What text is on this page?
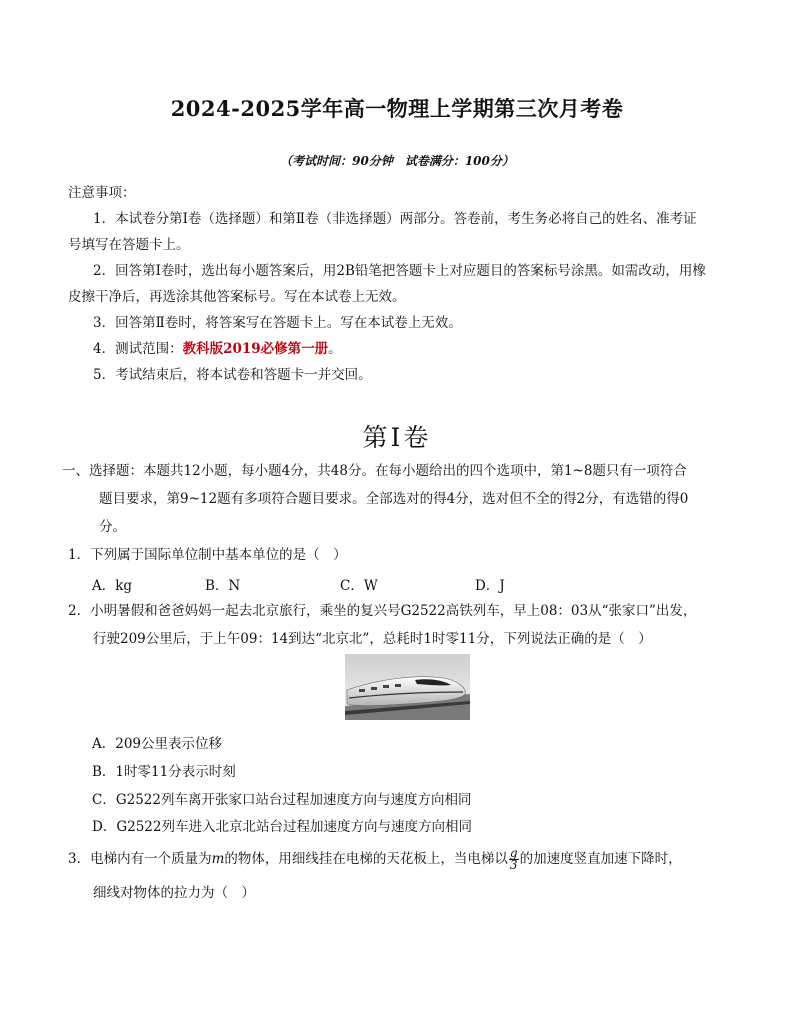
2024-2025学年高一物理上学期第三次月考卷
（考试时间：90分钟　试卷满分：100分）
注意事项：
1．本试卷分第Ⅰ卷（选择题）和第Ⅱ卷（非选择题）两部分。答卷前，考生务必将自己的姓名、准考证
号填写在答题卡上。
2．回答第Ⅰ卷时，选出每小题答案后，用2B铅笔把答题卡上对应题目的答案标号涂黑。如需改动，用橡
皮擦干净后，再选涂其他答案标号。写在本试卷上无效。
3．回答第Ⅱ卷时，将答案写在答题卡上。写在本试卷上无效。
4．测试范围：教科版2019必修第一册。
5．考试结束后，将本试卷和答题卡一并交回。
第Ⅰ卷
一、选择题：本题共12小题，每小题4分，共48分。在每小题给出的四个选项中，第1~8题只有一项符合
题目要求，第9~12题有多项符合题目要求。全部选对的得4分，选对但不全的得2分，有选错的得0
分。
1．下列属于国际单位制中基本单位的是（　）
A．kg	B．N	C．W	D．J
2．小明暑假和爸爸妈妈一起去北京旅行，乘坐的复兴号G2522高铁列车，早上08：03从“张家口”出发，
行驶209公里后，于上午09：14到达“北京北”，总耗时1时零11分，下列说法正确的是（　）
A．209公里表示位移
B．1时零11分表示时刻
C．G2522列车离开张家口站台过程加速度方向与速度方向相同
D．G2522列车进入北京北站台过程加速度方向与速度方向相同
3．电梯内有一个质量为m的物体，用细线挂在电梯的天花板上，当电梯以 $\frac{g}{3}$ 的加速度竖直加速下降时，
细线对物体的拉力为（　）
